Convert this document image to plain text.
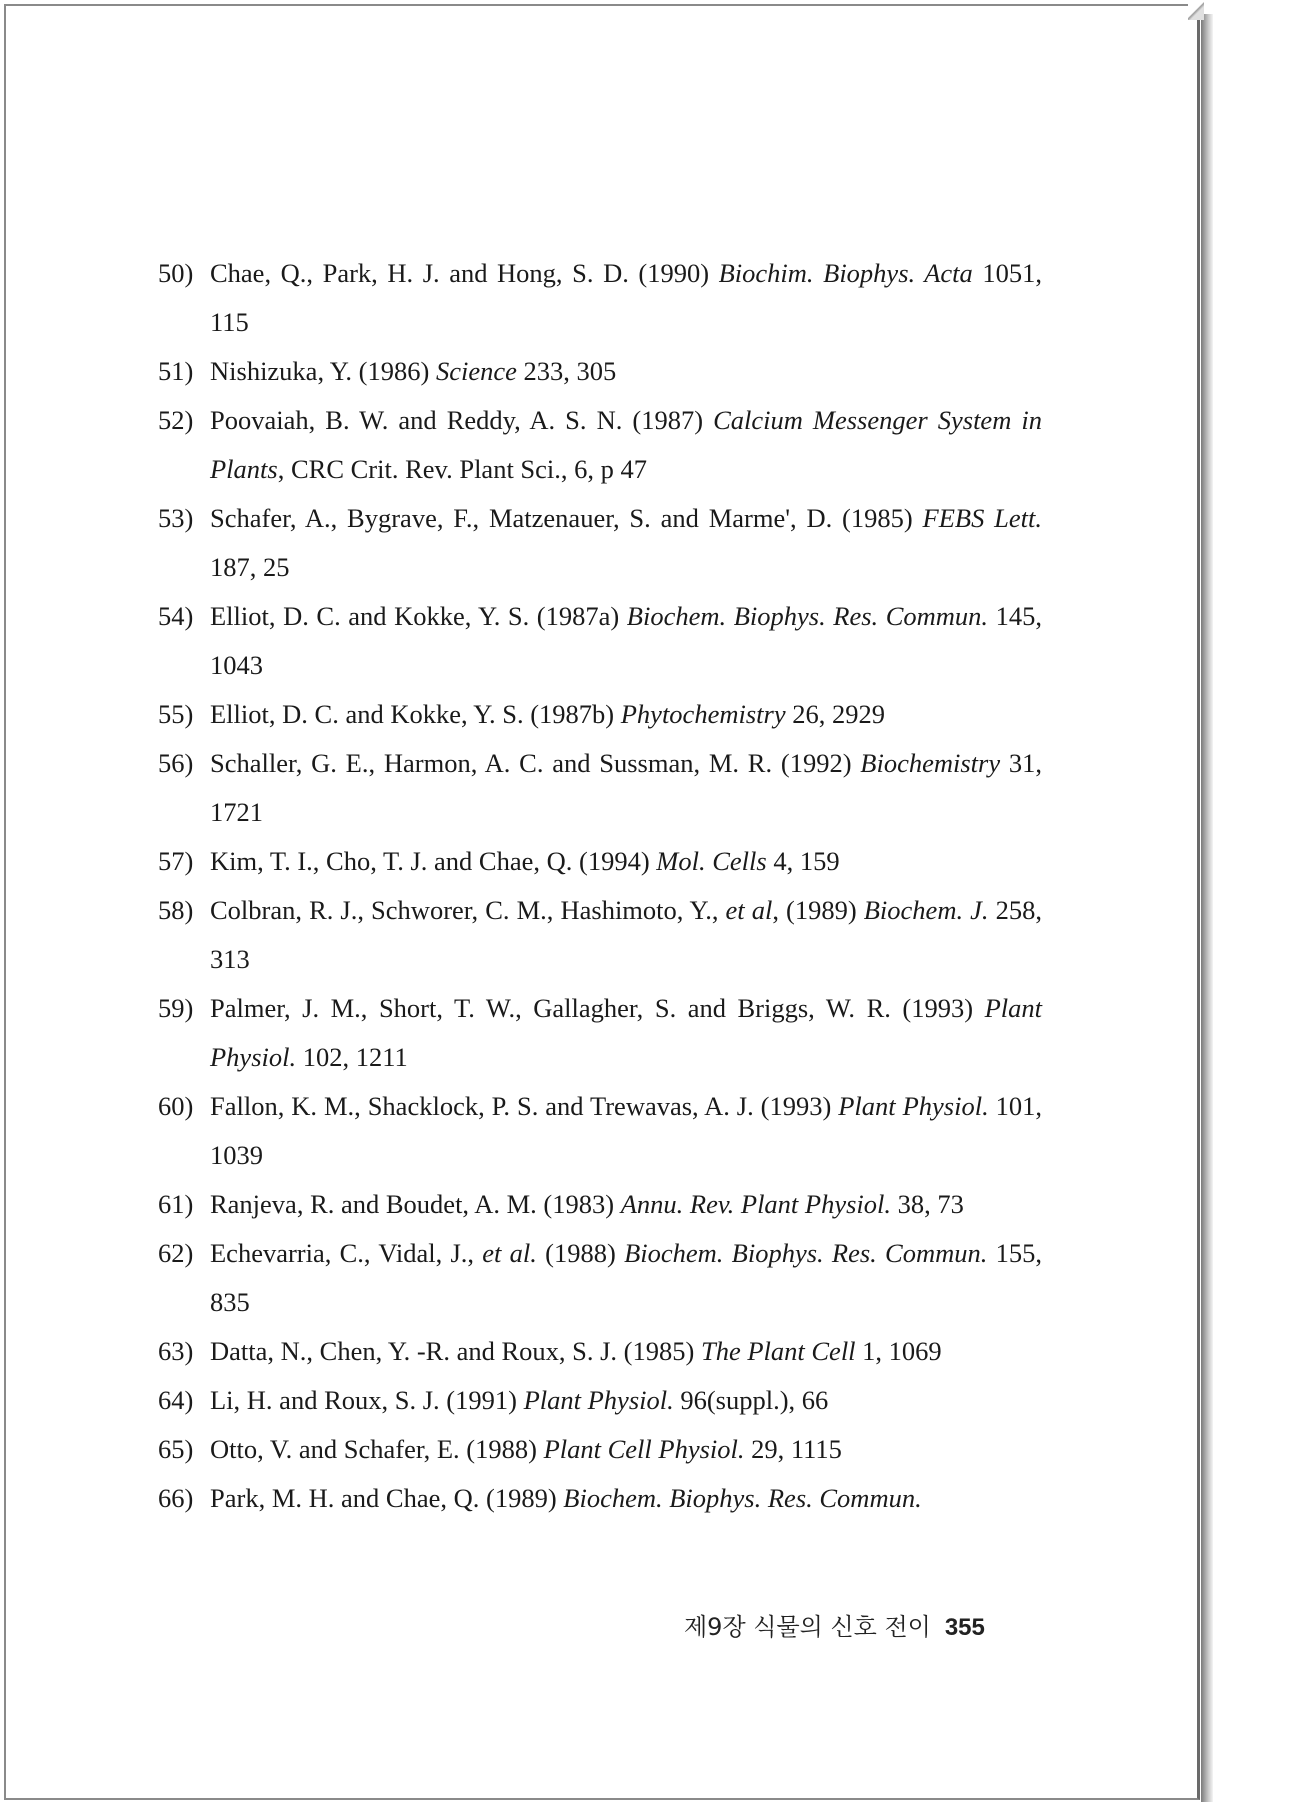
50) Chae, Q., Park, H. J. and Hong, S. D. (1990) Biochim. Biophys. Acta 1051, 115
51) Nishizuka, Y. (1986) Science 233, 305
52) Poovaiah, B. W. and Reddy, A. S. N. (1987) Calcium Messenger System in Plants, CRC Crit. Rev. Plant Sci., 6, p 47
53) Schafer, A., Bygrave, F., Matzenauer, S. and Marme', D. (1985) FEBS Lett. 187, 25
54) Elliot, D. C. and Kokke, Y. S. (1987a) Biochem. Biophys. Res. Commun. 145, 1043
55) Elliot, D. C. and Kokke, Y. S. (1987b) Phytochemistry 26, 2929
56) Schaller, G. E., Harmon, A. C. and Sussman, M. R. (1992) Biochemistry 31, 1721
57) Kim, T. I., Cho, T. J. and Chae, Q. (1994) Mol. Cells 4, 159
58) Colbran, R. J., Schworer, C. M., Hashimoto, Y., et al, (1989) Biochem. J. 258, 313
59) Palmer, J. M., Short, T. W., Gallagher, S. and Briggs, W. R. (1993) Plant Physiol. 102, 1211
60) Fallon, K. M., Shacklock, P. S. and Trewavas, A. J. (1993) Plant Physiol. 101, 1039
61) Ranjeva, R. and Boudet, A. M. (1983) Annu. Rev. Plant Physiol. 38, 73
62) Echevarria, C., Vidal, J., et al. (1988) Biochem. Biophys. Res. Commun. 155, 835
63) Datta, N., Chen, Y. -R. and Roux, S. J. (1985) The Plant Cell 1, 1069
64) Li, H. and Roux, S. J. (1991) Plant Physiol. 96(suppl.), 66
65) Otto, V. and Schafer, E. (1988) Plant Cell Physiol. 29, 1115
66) Park, M. H. and Chae, Q. (1989) Biochem. Biophys. Res. Commun.
제9장 식물의 신호 전이 355
